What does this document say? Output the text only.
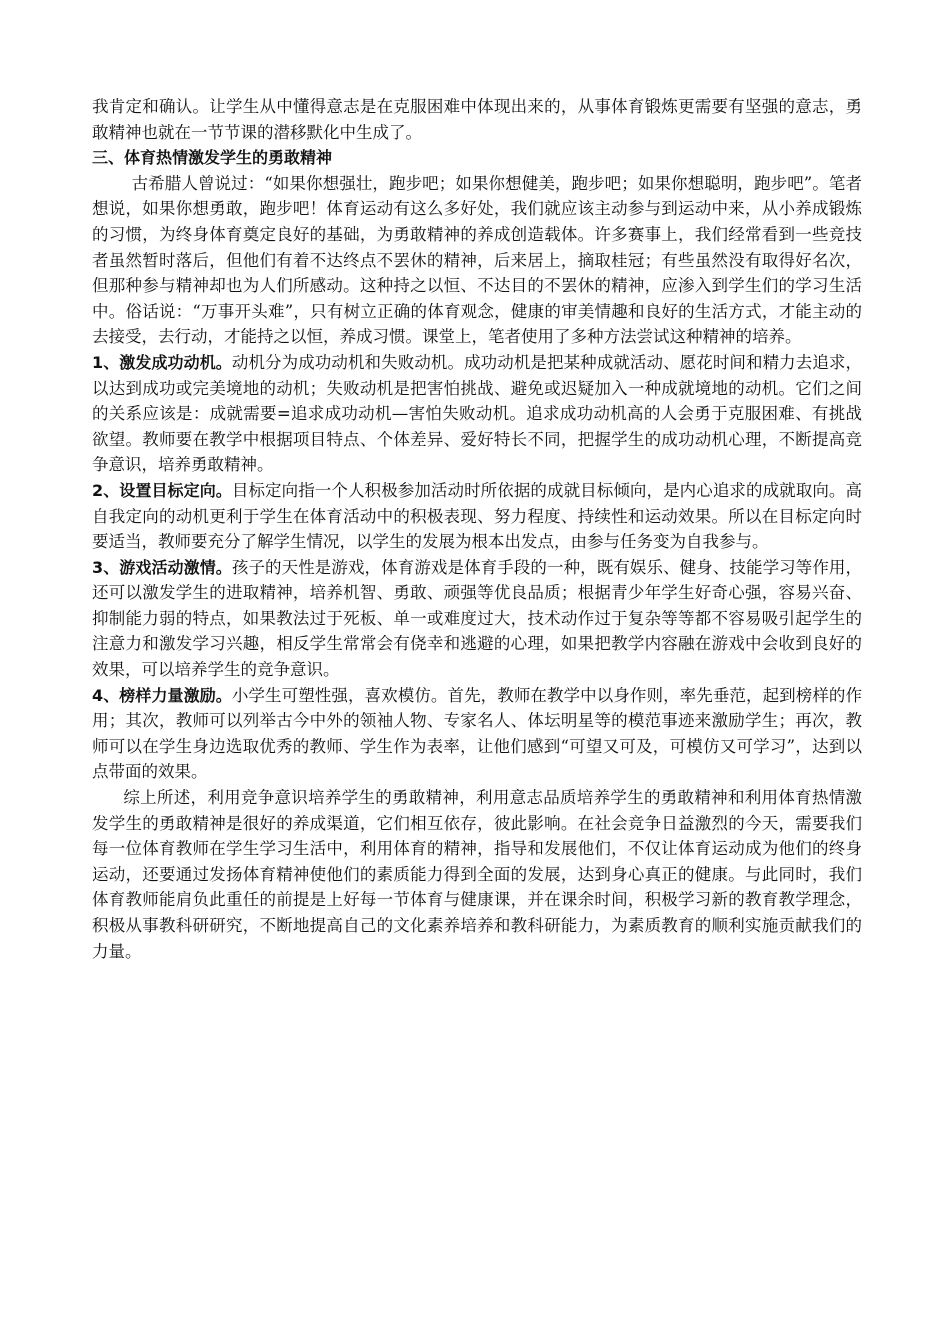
我肯定和确认。让学生从中懂得意志是在克服困难中体现出来的，从事体育锻炼更需要有坚强的意志，勇敢精神也就在一节节课的潜移默化中生成了。

三、体育热情激发学生的勇敢精神

古希腊人曾说过：“如果你想强壮，跑步吧；如果你想健美，跑步吧；如果你想聪明，跑步吧”。笔者想说，如果你想勇敢，跑步吧！体育运动有这么多好处，我们就应该主动参与到运动中来，从小养成锻炼的习惯，为终身体育奠定良好的基础，为勇敢精神的养成创造载体。许多赛事上，我们经常看到一些竞技者虽然暂时落后，但他们有着不达终点不罢休的精神，后来居上，摘取桂冠；有些虽然没有取得好名次，但那种参与精神却也为人们所感动。这种持之以恒、不达目的不罢休的精神，应渗入到学生们的学习生活中。俗话说：“万事开头难”，只有树立正确的体育观念，健康的审美情趣和良好的生活方式，才能主动的去接受，去行动，才能持之以恒，养成习惯。课堂上，笔者使用了多种方法尝试这种精神的培养。

1、激发成功动机。动机分为成功动机和失败动机。成功动机是把某种成就活动、愿花时间和精力去追求，以达到成功或完美境地的动机；失败动机是把害怕挑战、避免或迟疑加入一种成就境地的动机。它们之间的关系应该是：成就需要=追求成功动机—害怕失败动机。追求成功动机高的人会勇于克服困难、有挑战欲望。教师要在教学中根据项目特点、个体差异、爱好特长不同，把握学生的成功动机心理，不断提高竞争意识，培养勇敢精神。

2、设置目标定向。目标定向指一个人积极参加活动时所依据的成就目标倾向，是内心追求的成就取向。高自我定向的动机更利于学生在体育活动中的积极表现、努力程度、持续性和运动效果。所以在目标定向时要适当，教师要充分了解学生情况，以学生的发展为根本出发点，由参与任务变为自我参与。

3、游戏活动激情。孩子的天性是游戏，体育游戏是体育手段的一种，既有娱乐、健身、技能学习等作用，还可以激发学生的进取精神，培养机智、勇敢、顽强等优良品质；根据青少年学生好奇心强，容易兴奋、抑制能力弱的特点，如果教法过于死板、单一或难度过大，技术动作过于复杂等等都不容易吸引起学生的注意力和激发学习兴趣，相反学生常常会有侥幸和逃避的心理，如果把教学内容融在游戏中会收到良好的效果，可以培养学生的竞争意识。

4、榜样力量激励。小学生可塑性强，喜欢模仿。首先，教师在教学中以身作则，率先垂范，起到榜样的作用；其次，教师可以列举古今中外的领袖人物、专家名人、体坛明星等的模范事迹来激励学生；再次，教师可以在学生身边选取优秀的教师、学生作为表率，让他们感到“可望又可及，可模仿又可学习”，达到以点带面的效果。

综上所述，利用竞争意识培养学生的勇敢精神，利用意志品质培养学生的勇敢精神和利用体育热情激发学生的勇敢精神是很好的养成渠道，它们相互依存，彼此影响。在社会竞争日益激烈的今天，需要我们每一位体育教师在学生学习生活中，利用体育的精神，指导和发展他们，不仅让体育运动成为他们的终身运动，还要通过发扬体育精神使他们的素质能力得到全面的发展，达到身心真正的健康。与此同时，我们体育教师能肩负此重任的前提是上好每一节体育与健康课，并在课余时间，积极学习新的教育教学理念，积极从事教科研研究，不断地提高自己的文化素养培养和教科研能力，为素质教育的顺利实施贡献我们的力量。
